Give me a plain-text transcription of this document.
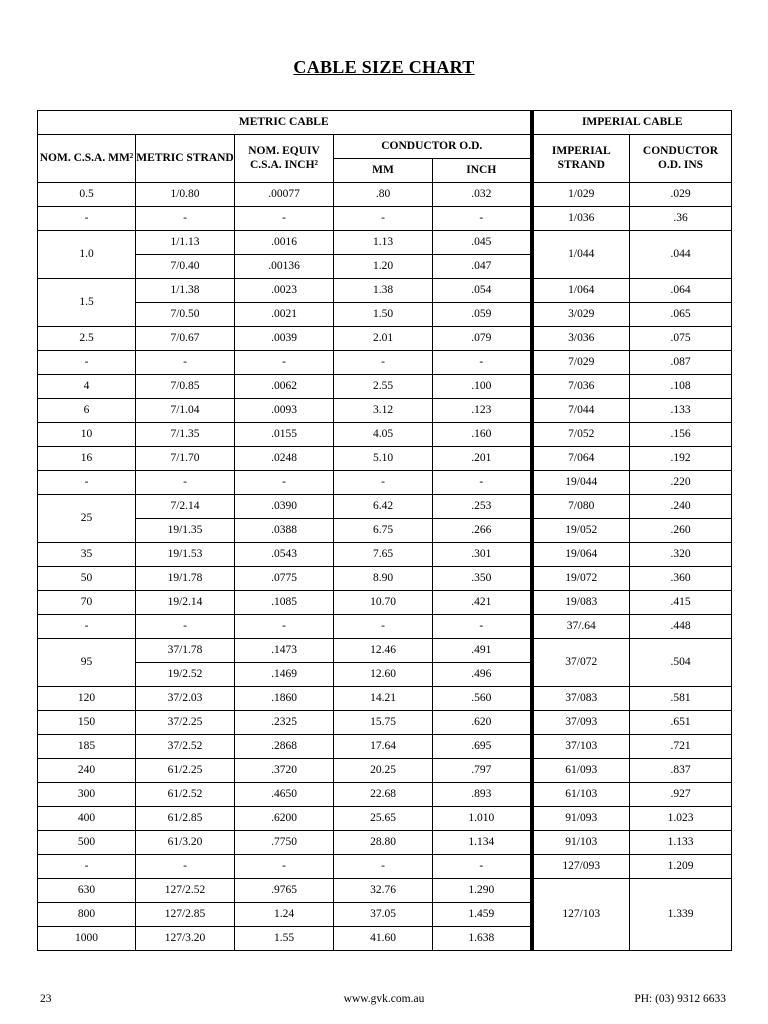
CABLE SIZE CHART
METRIC CABLE					IMPERIAL CABLE	
NOM. C.S.A. MM²	METRIC STRAND	NOM. EQUIV C.S.A. INCH²	CONDUCTOR O.D.		IMPERIAL STRAND	CONDUCTOR O.D. INS
			MM	INCH		
0.5	1/0.80	.00077	.80	.032	1/029	.029
-	-	-	-	-	1/036	.36
1.0	1/1.13	.0016	1.13	.045	1/044	.044
	7/0.40	.00136	1.20	.047		
1.5	1/1.38	.0023	1.38	.054	1/064	.064
	7/0.50	.0021	1.50	.059	3/029	.065
2.5	7/0.67	.0039	2.01	.079	3/036	.075
-	-	-	-	-	7/029	.087
4	7/0.85	.0062	2.55	.100	7/036	.108
6	7/1.04	.0093	3.12	.123	7/044	.133
10	7/1.35	.0155	4.05	.160	7/052	.156
16	7/1.70	.0248	5.10	.201	7/064	.192
-	-	-	-	-	19/044	.220
25	7/2.14	.0390	6.42	.253	7/080	.240
	19/1.35	.0388	6.75	.266	19/052	.260
35	19/1.53	.0543	7.65	.301	19/064	.320
50	19/1.78	.0775	8.90	.350	19/072	.360
70	19/2.14	.1085	10.70	.421	19/083	.415
-	-	-	-	-	37/.64	.448
95	37/1.78	.1473	12.46	.491	37/072	.504
	19/2.52	.1469	12.60	.496		
120	37/2.03	.1860	14.21	.560	37/083	.581
150	37/2.25	.2325	15.75	.620	37/093	.651
185	37/2.52	.2868	17.64	.695	37/103	.721
240	61/2.25	.3720	20.25	.797	61/093	.837
300	61/2.52	.4650	22.68	.893	61/103	.927
400	61/2.85	.6200	25.65	1.010	91/093	1.023
500	61/3.20	.7750	28.80	1.134	91/103	1.133
-	-	-	-	-	127/093	1.209
630	127/2.52	.9765	32.76	1.290	127/103	1.339
800	127/2.85	1.24	37.05	1.459		
1000	127/3.20	1.55	41.60	1.638		
23	www.gvk.com.au	PH: (03) 9312 6633
